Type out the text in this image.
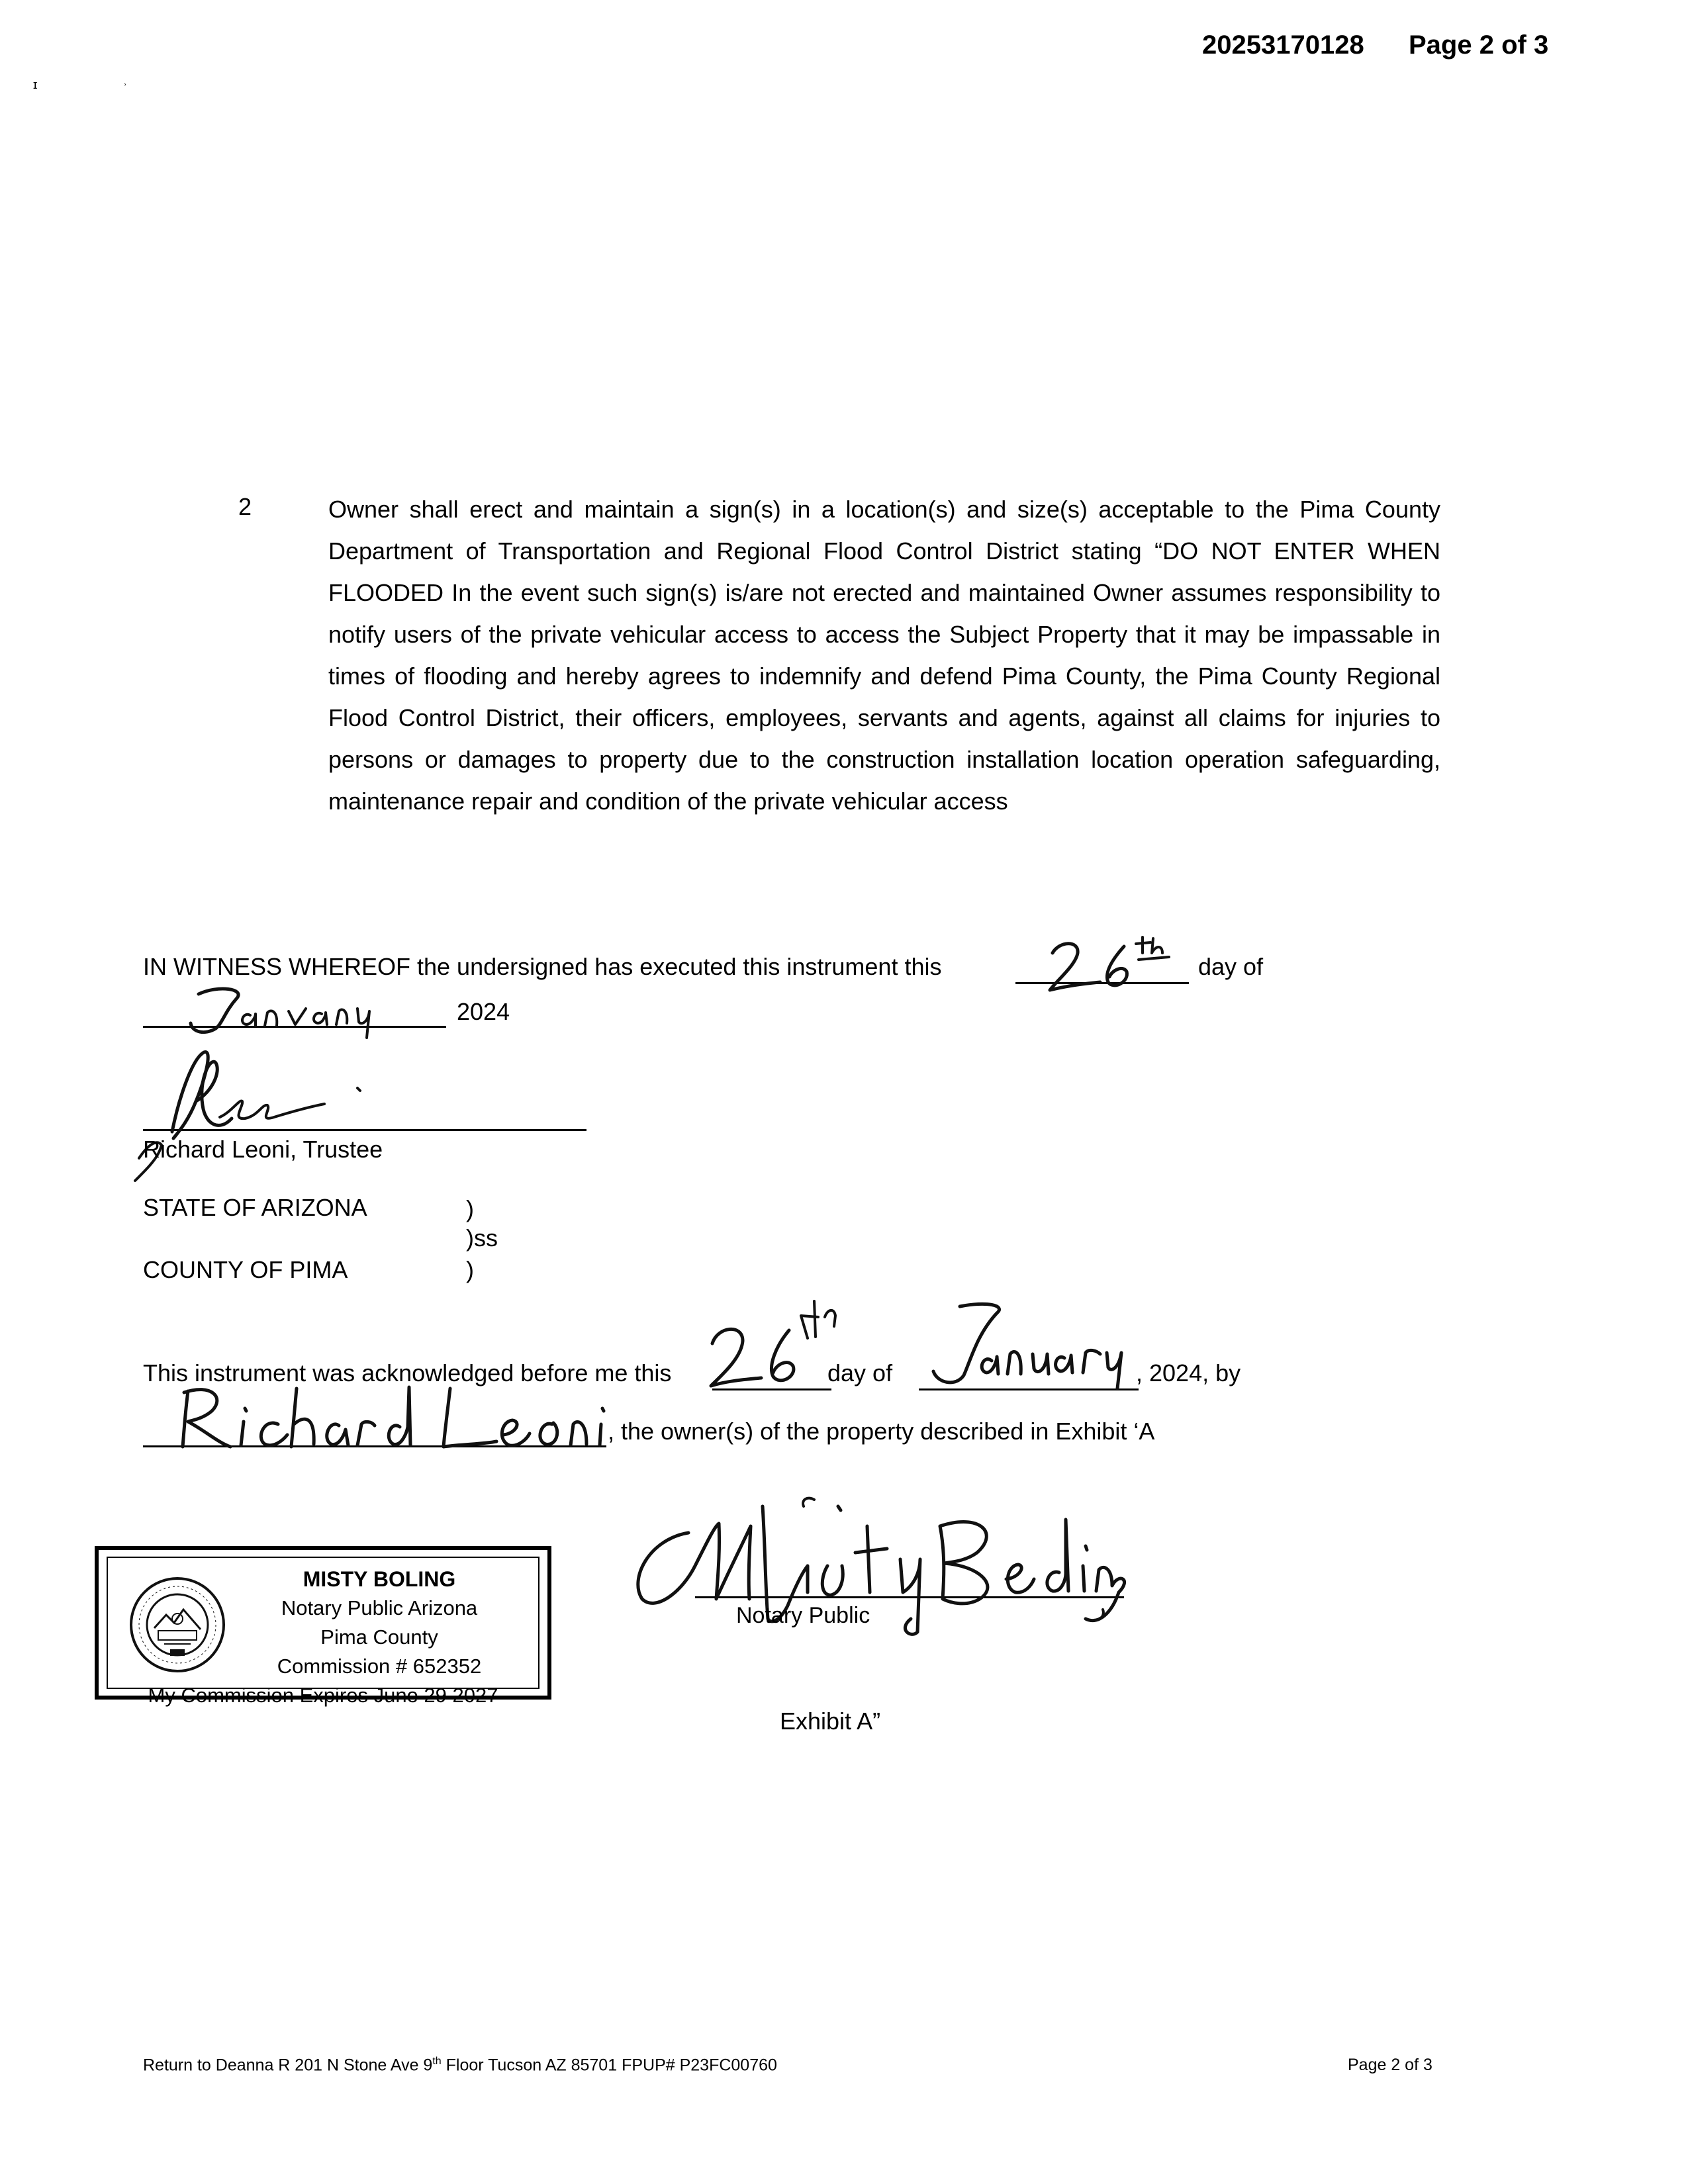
20253170128 Page 2 of 3
ɪ	ʾ
2	Owner shall erect and maintain a sign(s) in a location(s) and size(s) acceptable to the Pima County Department of Transportation and Regional Flood Control District stating “DO NOT ENTER WHEN FLOODED In the event such sign(s) is/are not erected and maintained Owner assumes responsibility to notify users of the private vehicular access to access the Subject Property that it may be impassable in times of flooding and hereby agrees to indemnify and defend Pima County, the Pima County Regional Flood Control District, their officers, employees, servants and agents, against all claims for injuries to persons or damages to property due to the construction installation location operation safeguarding, maintenance repair and condition of the private vehicular access
IN WITNESS WHEREOF the undersigned has executed this instrument this	day of
2024
Richard Leoni, Trustee
STATE OF ARIZONA	)
)ss
COUNTY OF PIMA	)
This instrument was acknowledged before me this	day of	, 2024, by
, the owner(s) of the property described in Exhibit ‘A
MISTY BOLING
Notary Public Arizona
Pima County
Commission # 652352
My Commission Expires June 29 2027
Notary Public
Exhibit A”
Return to Deanna R 201 N Stone Ave 9th Floor Tucson AZ 85701 FPUP# P23FC00760	Page 2 of 3
